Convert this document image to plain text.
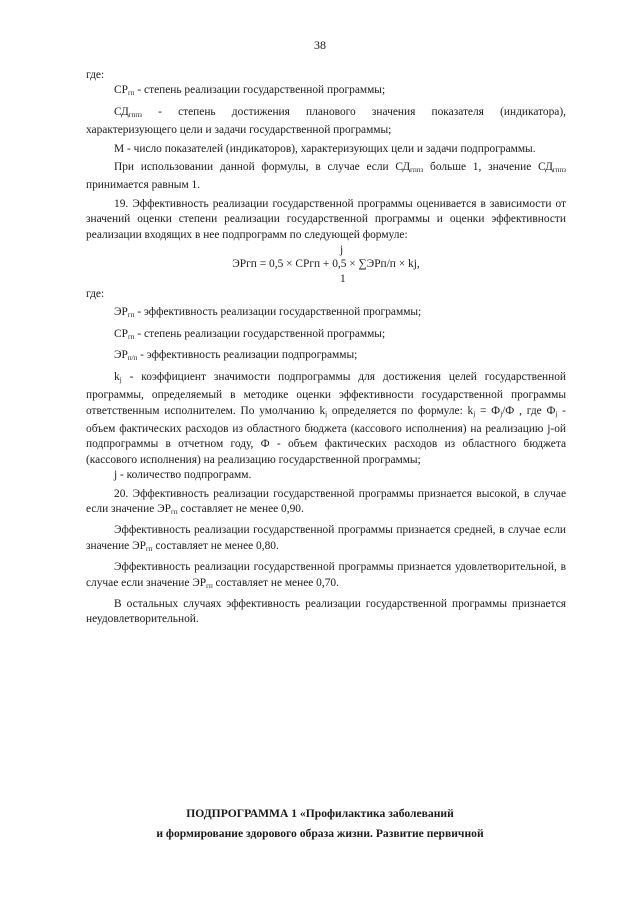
38

где:

$СР_{гп}$ - степень реализации государственной программы;

$СД_{гппз}$ - степень достижения планового значения показателя (индикатора), характеризующего цели и задачи государственной программы;

М - число показателей (индикаторов), характеризующих цели и задачи подпрограммы.

При использовании данной формулы, в случае если $СД_{гппз}$ больше 1, значение $СД_{гппз}$ принимается равным 1.

19. Эффективность реализации государственной программы оценивается в зависимости от значений оценки степени реализации государственной программы и оценки эффективности реализации входящих в нее подпрограмм по следующей формуле:

j
ЭРгп = 0,5 × СРгп + 0,5 × ∑ЭРп/п × kj,
1

где:

$ЭР_{гп}$ - эффективность реализации государственной программы;

$СР_{гп}$ - степень реализации государственной программы;

$ЭР_{п/п}$ - эффективность реализации подпрограммы;

$k_j$ - коэффициент значимости подпрограммы для достижения целей государственной программы, определяемый в методике оценки эффективности государственной программы ответственным исполнителем. По умолчанию $k_j$ определяется по формуле: $k_j = Ф_j/Ф$ , где $Ф_j$ - объем фактических расходов из областного бюджета (кассового исполнения) на реализацию j-ой подпрограммы в отчетном году, Ф - объем фактических расходов из областного бюджета (кассового исполнения) на реализацию государственной программы;

j - количество подпрограмм.

20. Эффективность реализации государственной программы признается высокой, в случае если значение $ЭР_{гп}$ составляет не менее 0,90.

Эффективность реализации государственной программы признается средней, в случае если значение $ЭР_{гп}$ составляет не менее 0,80.

Эффективность реализации государственной программы признается удовлетворительной, в случае если значение $ЭР_{гп}$ составляет не менее 0,70.

В остальных случаях эффективность реализации государственной программы признается неудовлетворительной.

ПОДПРОГРАММА 1 «Профилактика заболеваний
и формирование здорового образа жизни. Развитие первичной
